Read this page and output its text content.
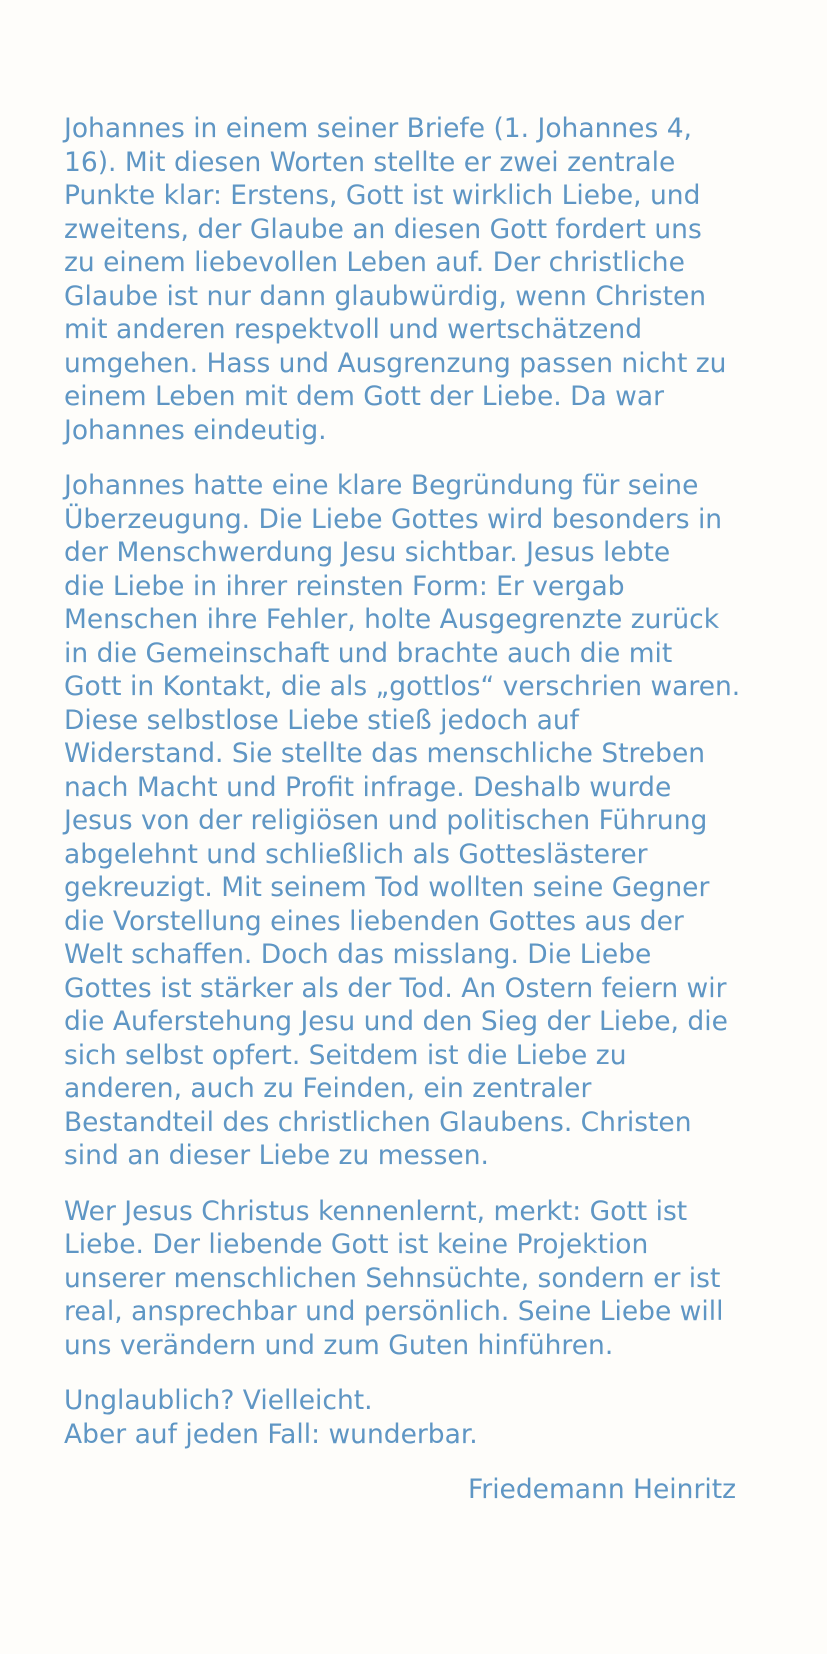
Johannes in einem seiner Briefe (1. Johannes 4,
16). Mit diesen Worten stellte er zwei zentrale
Punkte klar: Erstens, Gott ist wirklich Liebe, und
zweitens, der Glaube an diesen Gott fordert uns
zu einem liebevollen Leben auf. Der christliche
Glaube ist nur dann glaubwürdig, wenn Christen
mit anderen respektvoll und wertschätzend
umgehen. Hass und Ausgrenzung passen nicht zu
einem Leben mit dem Gott der Liebe. Da war
Johannes eindeutig.
Johannes hatte eine klare Begründung für seine
Überzeugung. Die Liebe Gottes wird besonders in
der Menschwerdung Jesu sichtbar. Jesus lebte
die Liebe in ihrer reinsten Form: Er vergab
Menschen ihre Fehler, holte Ausgegrenzte zurück
in die Gemeinschaft und brachte auch die mit
Gott in Kontakt, die als „gottlos“ verschrien waren.
Diese selbstlose Liebe stieß jedoch auf
Widerstand. Sie stellte das menschliche Streben
nach Macht und Profit infrage. Deshalb wurde
Jesus von der religiösen und politischen Führung
abgelehnt und schließlich als Gotteslästerer
gekreuzigt. Mit seinem Tod wollten seine Gegner
die Vorstellung eines liebenden Gottes aus der
Welt schaffen. Doch das misslang. Die Liebe
Gottes ist stärker als der Tod. An Ostern feiern wir
die Auferstehung Jesu und den Sieg der Liebe, die
sich selbst opfert. Seitdem ist die Liebe zu
anderen, auch zu Feinden, ein zentraler
Bestandteil des christlichen Glaubens. Christen
sind an dieser Liebe zu messen.
Wer Jesus Christus kennenlernt, merkt: Gott ist
Liebe. Der liebende Gott ist keine Projektion
unserer menschlichen Sehnsüchte, sondern er ist
real, ansprechbar und persönlich. Seine Liebe will
uns verändern und zum Guten hinführen.
Unglaublich? Vielleicht.
Aber auf jeden Fall: wunderbar.
Friedemann Heinritz
